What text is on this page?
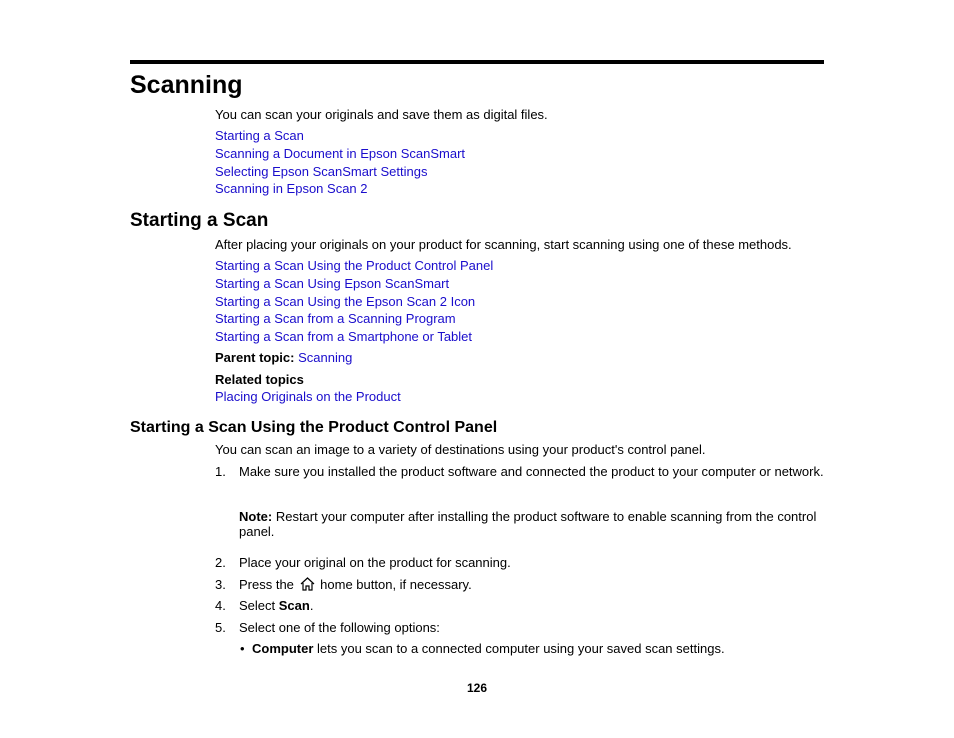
Scanning
You can scan your originals and save them as digital files.
Starting a Scan
Scanning a Document in Epson ScanSmart
Selecting Epson ScanSmart Settings
Scanning in Epson Scan 2
Starting a Scan
After placing your originals on your product for scanning, start scanning using one of these methods.
Starting a Scan Using the Product Control Panel
Starting a Scan Using Epson ScanSmart
Starting a Scan Using the Epson Scan 2 Icon
Starting a Scan from a Scanning Program
Starting a Scan from a Smartphone or Tablet
Parent topic: Scanning
Related topics
Placing Originals on the Product
Starting a Scan Using the Product Control Panel
You can scan an image to a variety of destinations using your product's control panel.
1. Make sure you installed the product software and connected the product to your computer or network.
Note: Restart your computer after installing the product software to enable scanning from the control panel.
2. Place your original on the product for scanning.
3. Press the home button, if necessary.
4. Select Scan.
5. Select one of the following options:
• Computer lets you scan to a connected computer using your saved scan settings.
126
